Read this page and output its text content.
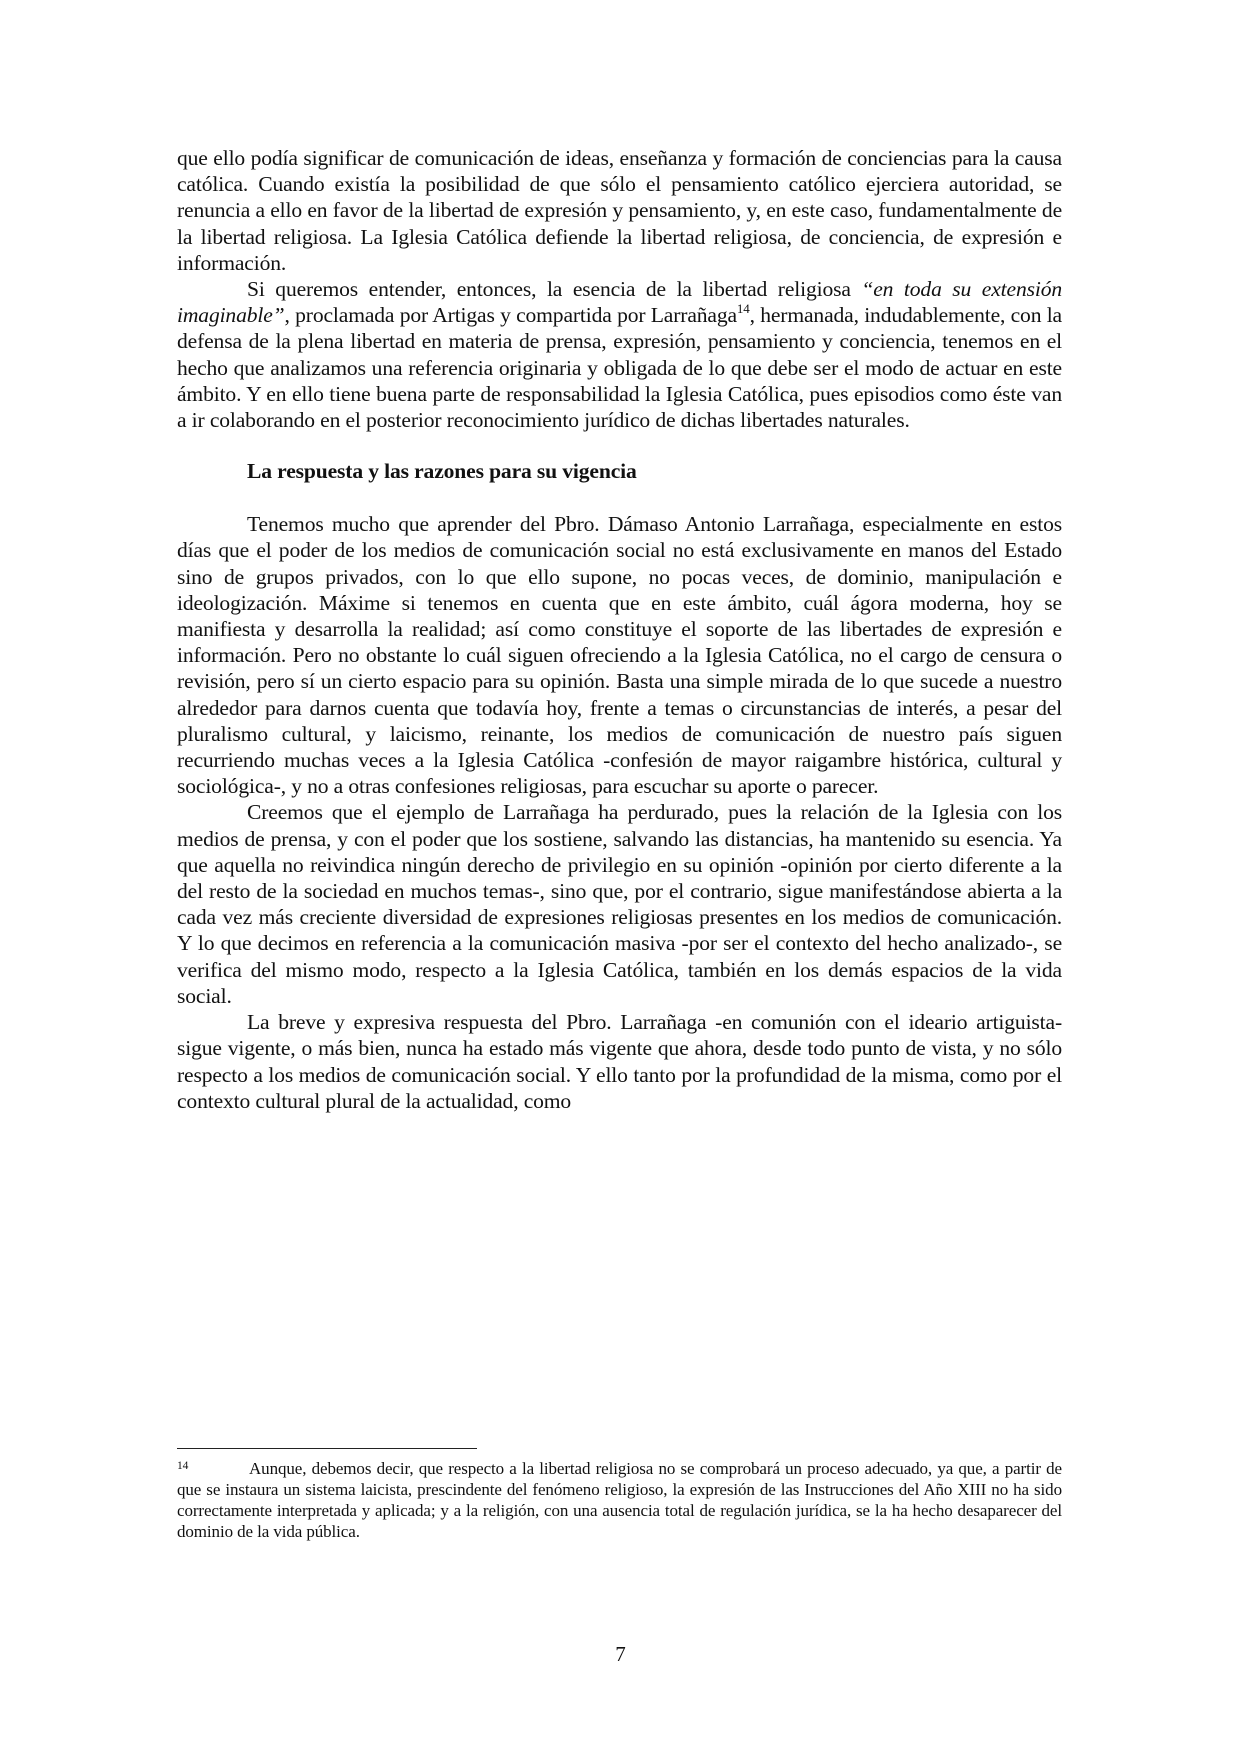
que ello podía significar de comunicación de ideas, enseñanza y formación de conciencias para la causa católica. Cuando existía la posibilidad de que sólo el pensamiento católico ejerciera autoridad, se renuncia a ello en favor de la libertad de expresión y pensamiento, y, en este caso, fundamentalmente de la libertad religiosa. La Iglesia Católica defiende la libertad religiosa, de conciencia, de expresión e información.

Si queremos entender, entonces, la esencia de la libertad religiosa “en toda su extensión imaginable”, proclamada por Artigas y compartida por Larrañaga$^{14}$, hermanada, indudablemente, con la defensa de la plena libertad en materia de prensa, expresión, pensamiento y conciencia, tenemos en el hecho que analizamos una referencia originaria y obligada de lo que debe ser el modo de actuar en este ámbito. Y en ello tiene buena parte de responsabilidad la Iglesia Católica, pues episodios como éste van a ir colaborando en el posterior reconocimiento jurídico de dichas libertades naturales.

La respuesta y las razones para su vigencia

Tenemos mucho que aprender del Pbro. Dámaso Antonio Larrañaga, especialmente en estos días que el poder de los medios de comunicación social no está exclusivamente en manos del Estado sino de grupos privados, con lo que ello supone, no pocas veces, de dominio, manipulación e ideologización. Máxime si tenemos en cuenta que en este ámbito, cuál ágora moderna, hoy se manifiesta y desarrolla la realidad; así como constituye el soporte de las libertades de expresión e información. Pero no obstante lo cuál siguen ofreciendo a la Iglesia Católica, no el cargo de censura o revisión, pero sí un cierto espacio para su opinión. Basta una simple mirada de lo que sucede a nuestro alrededor para darnos cuenta que todavía hoy, frente a temas o circunstancias de interés, a pesar del pluralismo cultural, y laicismo, reinante, los medios de comunicación de nuestro país siguen recurriendo muchas veces a la Iglesia Católica -confesión de mayor raigambre histórica, cultural y sociológica-, y no a otras confesiones religiosas, para escuchar su aporte o parecer.

Creemos que el ejemplo de Larrañaga ha perdurado, pues la relación de la Iglesia con los medios de prensa, y con el poder que los sostiene, salvando las distancias, ha mantenido su esencia. Ya que aquella no reivindica ningún derecho de privilegio en su opinión -opinión por cierto diferente a la del resto de la sociedad en muchos temas-, sino que, por el contrario, sigue manifestándose abierta a la cada vez más creciente diversidad de expresiones religiosas presentes en los medios de comunicación. Y lo que decimos en referencia a la comunicación masiva -por ser el contexto del hecho analizado-, se verifica del mismo modo, respecto a la Iglesia Católica, también en los demás espacios de la vida social.

La breve y expresiva respuesta del Pbro. Larrañaga -en comunión con el ideario artiguista- sigue vigente, o más bien, nunca ha estado más vigente que ahora, desde todo punto de vista, y no sólo respecto a los medios de comunicación social. Y ello tanto por la profundidad de la misma, como por el contexto cultural plural de la actualidad, como

14	Aunque, debemos decir, que respecto a la libertad religiosa no se comprobará un proceso adecuado, ya que, a partir de que se instaura un sistema laicista, prescindente del fenómeno religioso, la expresión de las Instrucciones del Año XIII no ha sido correctamente interpretada y aplicada; y a la religión, con una ausencia total de regulación jurídica, se la ha hecho desaparecer del dominio de la vida pública.

7
